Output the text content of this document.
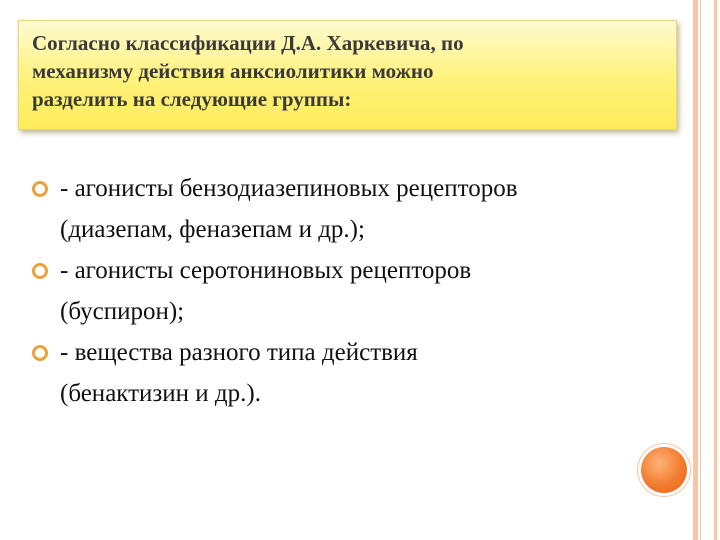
Согласно классификации Д.А. Харкевича, по
механизму действия анксиолитики можно
разделить на следующие группы:

- агонисты бензодиазепиновых рецепторов
(диазепам, феназепам и др.);
- агонисты серотониновых рецепторов
(буспирон);
- вещества разного типа действия
(бенактизин и др.).
